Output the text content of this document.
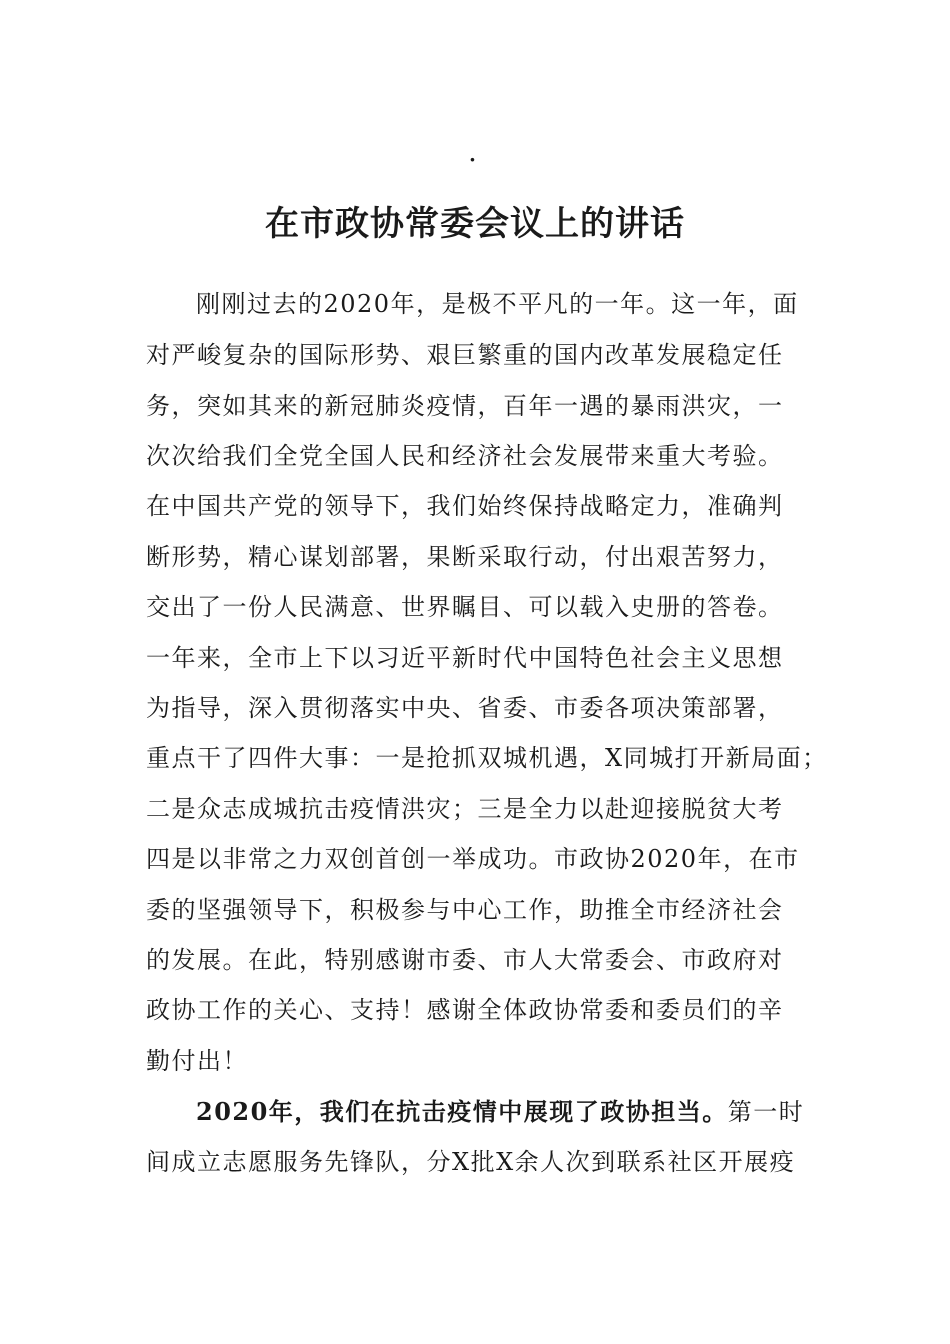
.
在市政协常委会议上的讲话
刚刚过去的2020年，是极不平凡的一年。这一年，面
对严峻复杂的国际形势、艰巨繁重的国内改革发展稳定任
务，突如其来的新冠肺炎疫情，百年一遇的暴雨洪灾，一
次次给我们全党全国人民和经济社会发展带来重大考验。
在中国共产党的领导下，我们始终保持战略定力，准确判
断形势，精心谋划部署，果断采取行动，付出艰苦努力，
交出了一份人民满意、世界瞩目、可以载入史册的答卷。
一年来，全市上下以习近平新时代中国特色社会主义思想
为指导，深入贯彻落实中央、省委、市委各项决策部署，
重点干了四件大事：一是抢抓双城机遇，X同城打开新局面；
二是众志成城抗击疫情洪灾；三是全力以赴迎接脱贫大考
四是以非常之力双创首创一举成功。市政协2020年，在市
委的坚强领导下，积极参与中心工作，助推全市经济社会
的发展。在此，特别感谢市委、市人大常委会、市政府对
政协工作的关心、支持！感谢全体政协常委和委员们的辛
勤付出！
2020年，我们在抗击疫情中展现了政协担当。第一时
间成立志愿服务先锋队，分X批X余人次到联系社区开展疫
